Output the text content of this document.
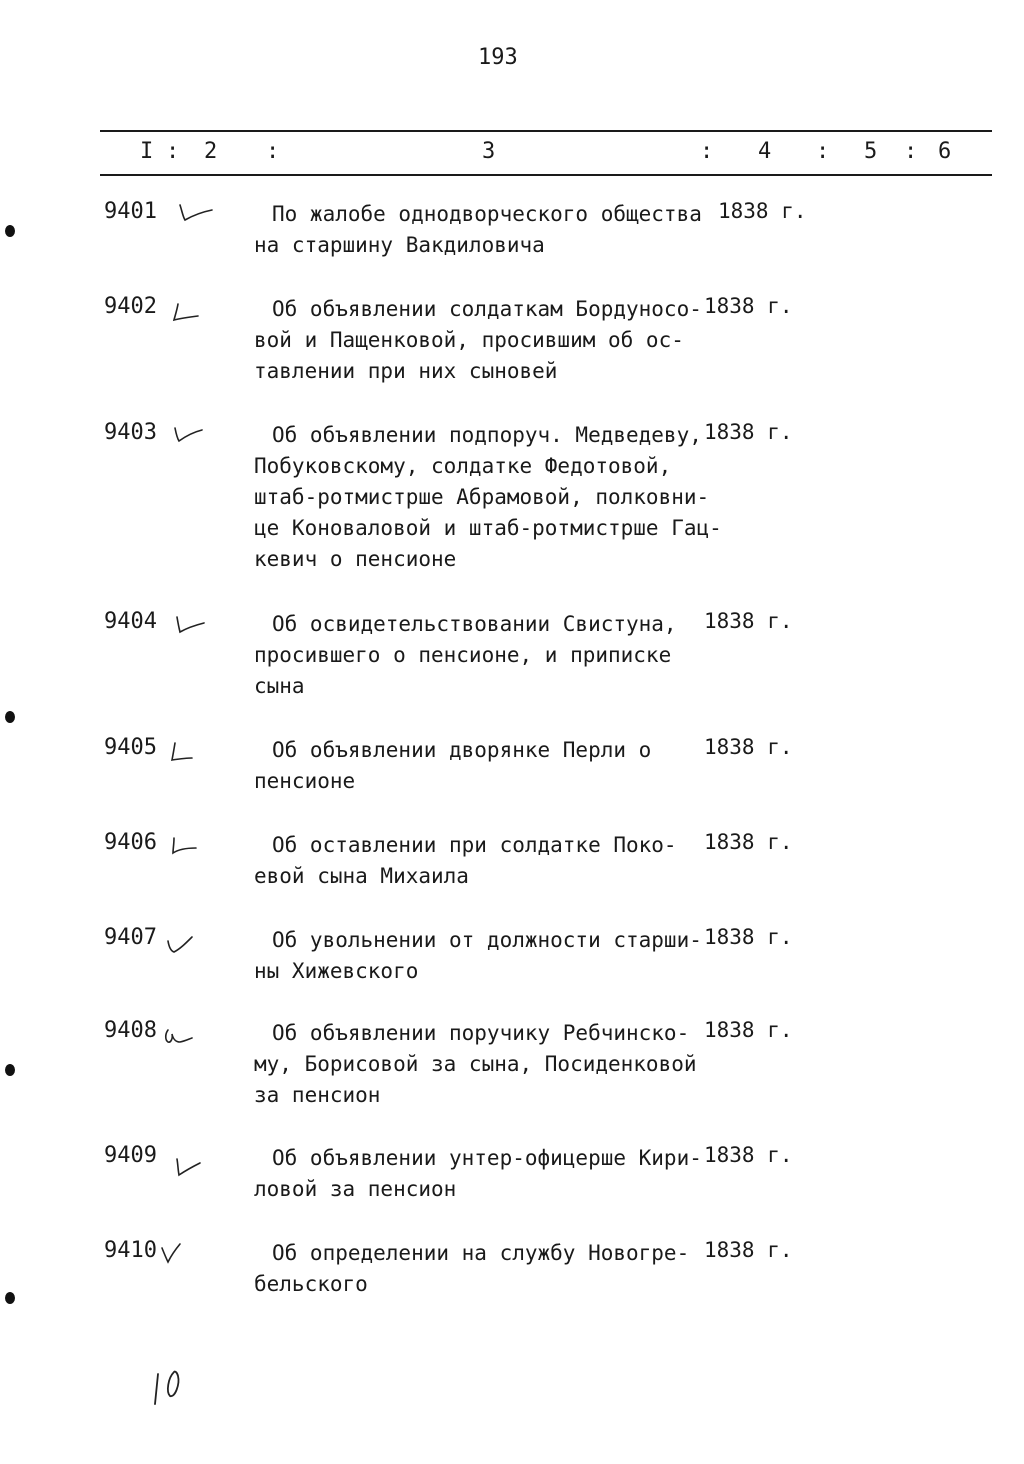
193
I : 2 :	3	: 4 : 5 : 6
9401	По жалобе однодворческого общества
на старшину Вакдиловича
1838 г.
9402	Об объявлении солдаткам Бордуносо-
вой и Пащенковой, просившим об ос-
тавлении при них сыновей
1838 г.
9403	Об объявлении подпоруч. Медведеву,
Побуковскому, солдатке Федотовой,
штаб-ротмистрше Абрамовой, полковни-
це Коноваловой и штаб-ротмистрше Гац-
кевич о пенсионе
1838 г.
9404	Об освидетельствовании Свистуна,
просившего о пенсионе, и приписке
сына
1838 г.
9405	Об объявлении дворянке Перли о
пенсионе
1838 г.
9406	Об оставлении при солдатке Поко-
евой сына Михаила
1838 г.
9407	Об увольнении от должности старши-
ны Хижевского
1838 г.
9408	Об объявлении поручику Ребчинско-
му, Борисовой за сына, Посиденковой
за пенсион
1838 г.
9409	Об объявлении унтер-офицерше Кири-
ловой за пенсион
1838 г.
9410	Об определении на службу Новогре-
бельского
1838 г.
